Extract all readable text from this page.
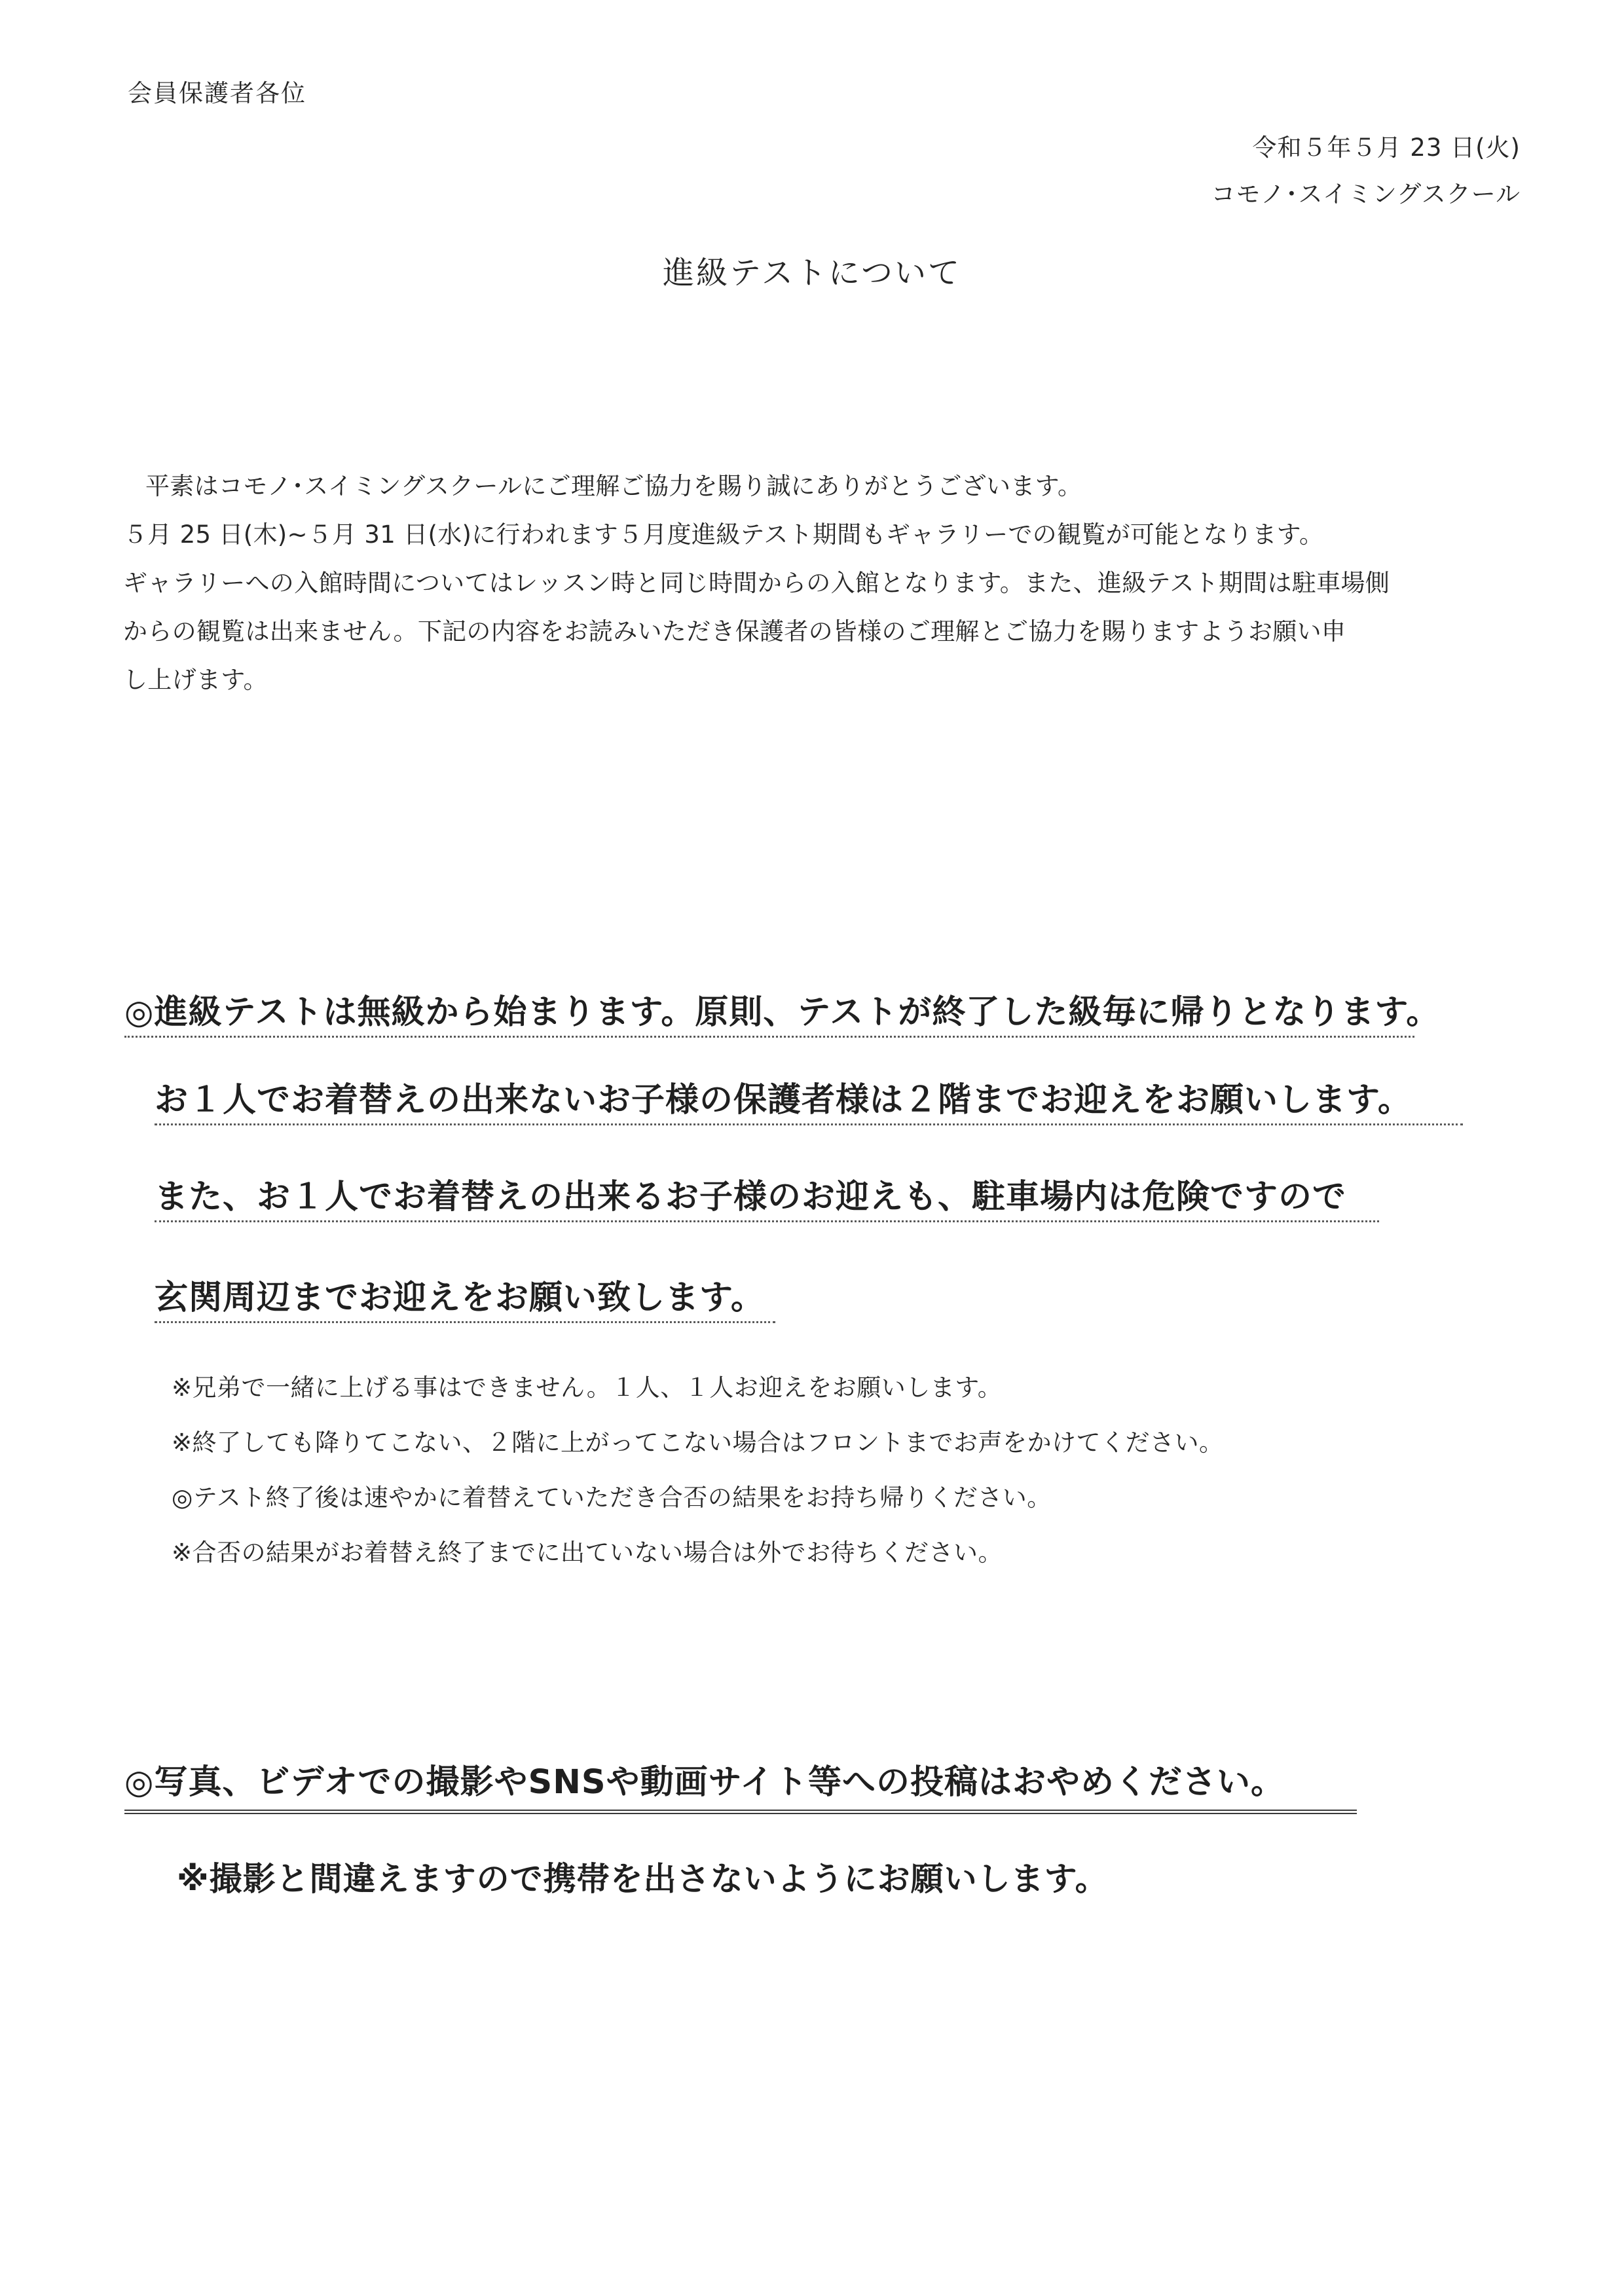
会員保護者各位
令和５年５月 23 日(火)
コモノ･スイミングスクール
進級テストについて

平素はコモノ･スイミングスクールにご理解ご協力を賜り誠にありがとうございます。

５月 25 日(木)~５月 31 日(水)に行われます５月度進級テスト期間もギャラリーでの観覧が可能となります。

ギャラリーへの入館時間についてはレッスン時と同じ時間からの入館となります。また、進級テスト期間は駐車場側

からの観覧は出来ません。下記の内容をお読みいただき保護者の皆様のご理解とご協力を賜りますようお願い申

し上げます。

◎進級テストは無級から始まります。原則、テストが終了した級毎に帰りとなります。
お１人でお着替えの出来ないお子様の保護者様は２階までお迎えをお願いします。
また、お１人でお着替えの出来るお子様のお迎えも、駐車場内は危険ですので
玄関周辺までお迎えをお願い致します。

※兄弟で一緒に上げる事はできません。１人、１人お迎えをお願いします。

※終了しても降りてこない、２階に上がってこない場合はフロントまでお声をかけてください。

◎テスト終了後は速やかに着替えていただき合否の結果をお持ち帰りください。

※合否の結果がお着替え終了までに出ていない場合は外でお待ちください。

◎写真、ビデオでの撮影やSNSや動画サイト等への投稿はおやめください。
※撮影と間違えますので携帯を出さないようにお願いします。
